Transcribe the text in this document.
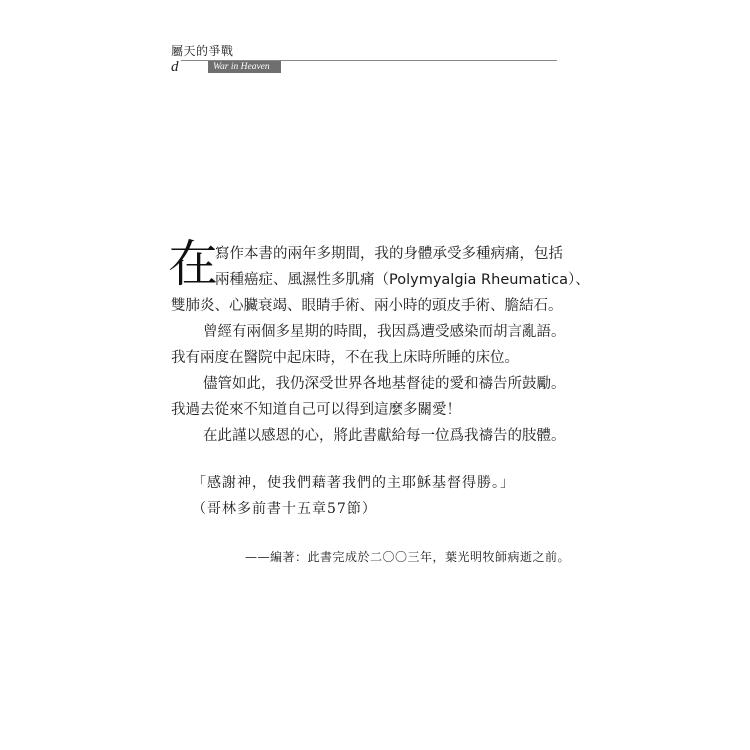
屬天的爭戰
d	War in Heaven
在
寫作本書的兩年多期間，我的身體承受多種病痛，包括
兩種癌症、風濕性多肌痛（Polymyalgia Rheumatica）、
雙肺炎、心臟衰竭、眼睛手術、兩小時的頭皮手術、膽結石。
曾經有兩個多星期的時間，我因爲遭受感染而胡言亂語。
我有兩度在醫院中起床時，不在我上床時所睡的床位。
儘管如此，我仍深受世界各地基督徒的愛和禱告所鼓勵。
我過去從來不知道自己可以得到這麼多關愛！
在此謹以感恩的心，將此書獻給每一位爲我禱告的肢體。
「感謝神，使我們藉著我們的主耶穌基督得勝。」
（哥林多前書十五章57節）
——編著：此書完成於二〇〇三年，葉光明牧師病逝之前。
